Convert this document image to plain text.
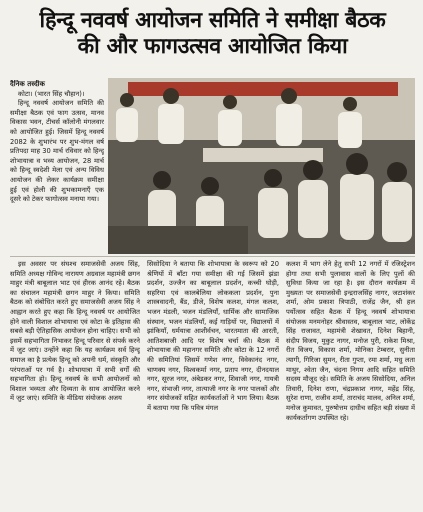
हिन्दू नववर्ष आयोजन समिति ने समीक्षा बैठक
की और फागउत्सव आयोजित किया
दैनिक तस्दीक

कोटा। (भारत सिंह चौहान)।

हिन्दू नववर्ष आयोजन समिति की समीक्षा बैठक एवं फाग उत्सव, मानव विकास भवन, टीचर्स कॉलोनी मंगलवार को आयोजित हुई। जिसमें हिन्दू नववर्ष 2082 के शुभारंभ पर शुभ-मंगल वर्ष प्रतिपदा माह 30 मार्च रविवार को हिन्दू शोभायात्रा व भव्य आयोजन, 28 मार्च को हिन्दू स्वदेशी मेला एवं अन्य विविध आयोजन की लेकर कार्यक्रम समीक्षा हुई एवं होली की शुभकामनाएँ एक दूसरे को टेकर फागोत्सव मनाया गया।

इस अवसर पर संघश्च समाजसेवी अजय सिंह, समिति अध्यक्ष गोविन्द नारायण अग्रवाल महामंत्री छगन माहुर मंत्री बाबूलाल भाट एवं हीरक आनंद रहे। बैठक का संचालन महामंत्री छगन माहुर ने किया। समिति बैठक को संबोधित करते हुए समाजसेवी अजय सिंह ने आह्वान करते हुए कहा कि हिन्दू नववर्ष पर आयोजित होने वाली विशाल शोभायात्रा एवं कोटा के इतिहास की सबसे बड़ी ऐतिहासिक आयोजन होना चाहिए। सभी को इसमें सहभागिता निभाकर हिन्दू परिवार से संपर्क करने में जुट जाएं। उन्होंने कहा कि यह कार्यक्रम सर्व हिन्दू समाज का है प्रत्येक हिन्दू को अपनी धर्म, संस्कृति और परंपराओं पर गर्व है। शोभायात्रा में सभी वर्गों की सहभागिता हो। हिन्दू नववर्ष के सभी आयोजनों को विशाल भव्यता और दिव्यता के साथ आयोजित करने में जुट जाएं। समिति के मीडिया संयोजक अजय

सिसोदिया ने बताया कि शोभायात्रा के स्वरूप को 20 श्रेणियों में बाँटा गया समीक्षा की गई जिसमें झंडा प्रदर्शन, उज्जैन का बाबूलाल प्रदर्शन, कच्ची घोड़ी, सहरिया एवं कालबेलिया लोककला प्रदर्शन, पुना शास्त्रवादनी, बैंड, डीजे, विशेष कलश, मंगल कलश, भजन मंडली, भजन मंडलियाँ, धार्मिक और सामाजिक संस्थान, भजन मंडलियाँ, कई गाड़ियों पर, विद्यालयों में झांकियाँ, धर्मयात्रा आशीर्वचन, भारतमाता की आरती, आतिशबाजी आदि पर विशेष चर्चा की। बैठक में शोभायात्रा की महानगर समिति और कोटा के 12 नगरों की समितियां जिसमें गणेश नगर, विवेकानंद नगर, चाणक्य नगर, विश्वकर्मा नगर, प्रताप नगर, दीनदयाल नगर, सूरज नगर, अंबेडकर नगर, शिवाजी नगर, गायत्री नगर, संभाजी नगर, तात्याजी नगर के नगर पालकों और नगर संयोजकों सहित कार्यकर्ताओं ने भाग लिया। बैठक में बताया गया कि पवित्र मंगल

कलश में भाग लेने हेतु सभी 12 नगरों में रजिस्ट्रेशन होगा तथा सभी पुलावास वालों के लिए पुलों की सुविधा किया जा रहा है। इस दौरान कार्यक्रम में मुख्यतः पर समाजसेवी इन्द्रराजसिंह नागर, जटाशंकर शर्मा, ओम प्रकाश त्रिपाठी, राजेंद्र जैन, श्री हल पर्योत्सव सहित बैठक में हिन्दू नववर्ष शोभायात्रा संयोजक मनमनोहर श्रीवास्तव, बाबूलाल भाट, लोकेंद्र सिंह राजावत, महामंत्री शेखावत, दिनेश बिहानी, संदीप विजय, मुकुट नागर, मनोज पुरी, राकेश मिश्रा, रीत विजय, विकास शर्मा, मोनिका टेम्बरार, सुनीता त्यागी, गिरिजा सुमन, रीता गुप्ता, रमा शर्मा, मधु लता माथुर, श्वेता जैन, चंदना निगम आदि सहित समिति सदस्य मौजूद रहे। समिति के अजय सिसोदिया, अनिल तिवारी, दिनेश राणा, चंद्रप्रकाश नागर, महेंद्र सिंह, सुरेश राणा, राजीव शर्मा, ताराचंद मालव, अनिल शर्मा, मनोज कुमावत, पुरुषोत्तम दाधीच सहित बड़ी संख्या में कार्यकर्तागण उपस्थित रहे।
